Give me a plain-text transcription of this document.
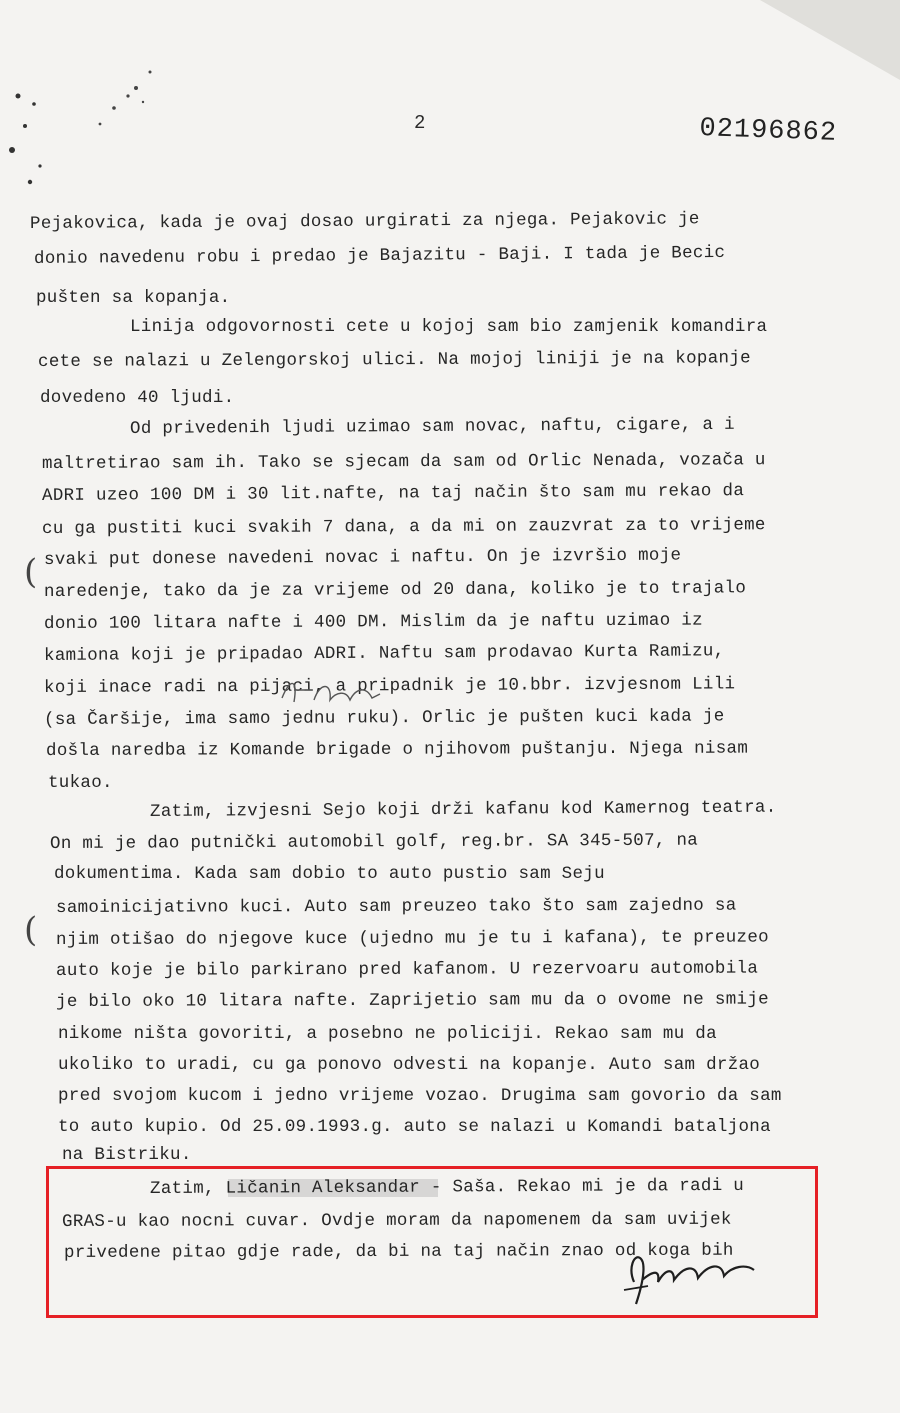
2	02196862
Pejakovica, kada je ovaj dosao urgirati za njega. Pejakovic je
donio navedenu robu i predao je Bajazitu - Baji. I tada je Becic
pušten sa kopanja.
Linija odgovornosti cete u kojoj sam bio zamjenik komandira
cete se nalazi u Zelengorskoj ulici. Na mojoj liniji je na kopanje
dovedeno 40 ljudi.
Od privedenih ljudi uzimao sam novac, naftu, cigare, a i
maltretirao sam ih. Tako se sjecam da sam od Orlic Nenada, vozača u
ADRI uzeo 100 DM i 30 lit.nafte, na taj način što sam mu rekao da
cu ga pustiti kuci svakih 7 dana, a da mi on zauzvrat za to vrijeme
svaki put donese navedeni novac i naftu. On je izvršio moje
naredenje, tako da je za vrijeme od 20 dana, koliko je to trajalo
donio 100 litara nafte i 400 DM. Mislim da je naftu uzimao iz
kamiona koji je pripadao ADRI. Naftu sam prodavao Kurta Ramizu,
koji inace radi na pijaci, a pripadnik je 10.bbr. izvjesnom Lili
(sa Čaršije, ima samo jednu ruku). Orlic je pušten kuci kada je
došla naredba iz Komande brigade o njihovom puštanju. Njega nisam
tukao.
Zatim, izvjesni Sejo koji drži kafanu kod Kamernog teatra.
On mi je dao putnički automobil golf, reg.br. SA 345-507, na
dokumentima. Kada sam dobio to auto pustio sam Seju
samoinicijativno kuci. Auto sam preuzeo tako što sam zajedno sa
njim otišao do njegove kuce (ujedno mu je tu i kafana), te preuzeo
auto koje je bilo parkirano pred kafanom. U rezervoaru automobila
je bilo oko 10 litara nafte. Zaprijetio sam mu da o ovome ne smije
nikome ništa govoriti, a posebno ne policiji. Rekao sam mu da
ukoliko to uradi, cu ga ponovo odvesti na kopanje. Auto sam držao
pred svojom kucom i jedno vrijeme vozao. Drugima sam govorio da sam
to auto kupio. Od 25.09.1993.g. auto se nalazi u Komandi bataljona
na Bistriku.
Zatim, Ličanin Aleksandar - Saša. Rekao mi je da radi u
GRAS-u kao nocni cuvar. Ovdje moram da napomenem da sam uvijek
privedene pitao gdje rade, da bi na taj način znao od koga bih
(
(
